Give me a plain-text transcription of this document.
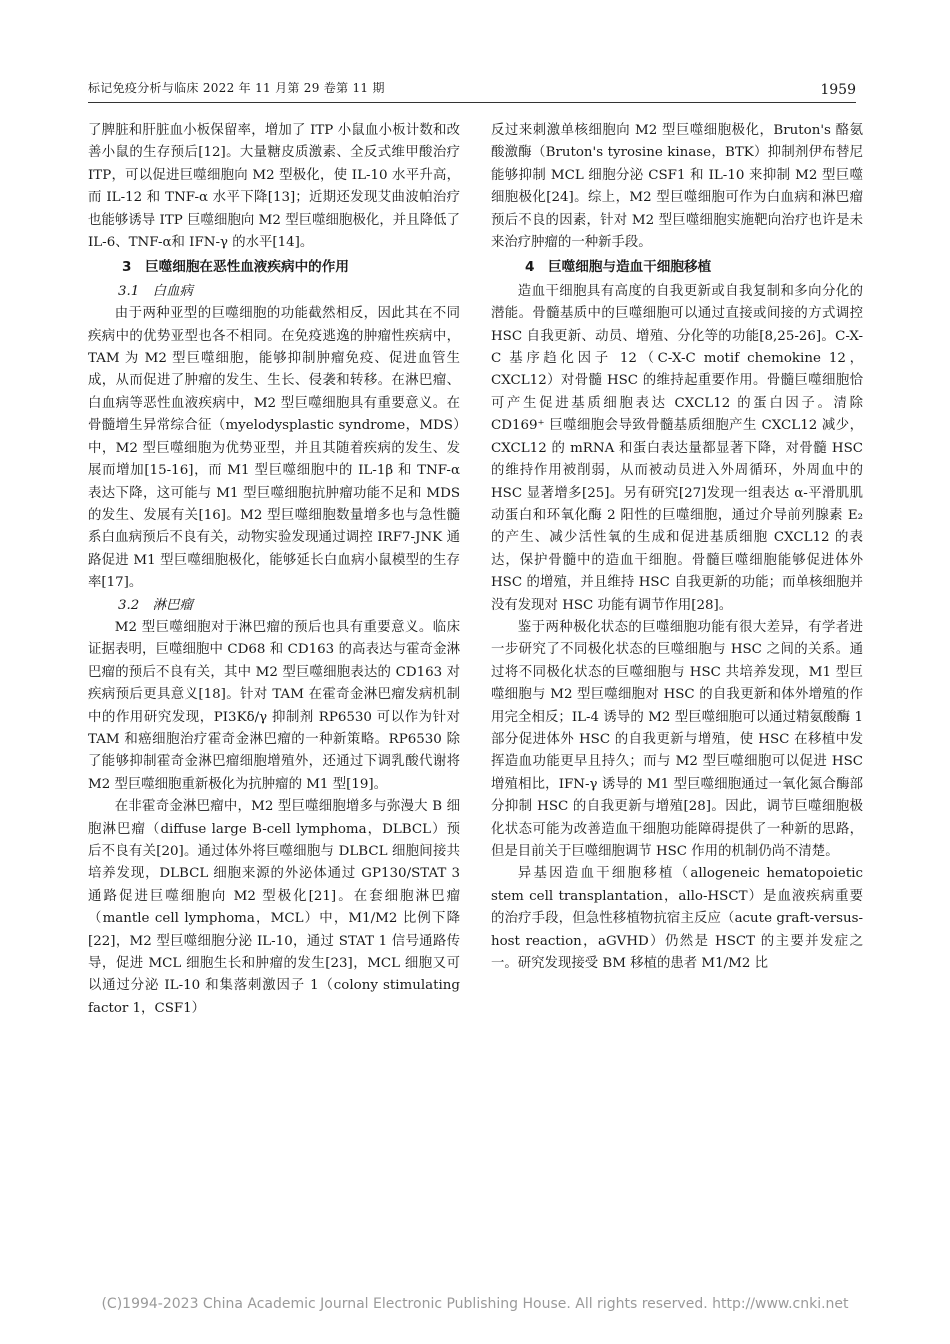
标记免疫分析与临床 2022 年 11 月第 29 卷第 11 期	1959

了脾脏和肝脏血小板保留率，增加了 ITP 小鼠血小板计数和改善小鼠的生存预后[12]。大量糖皮质激素、全反式维甲酸治疗 ITP，可以促进巨噬细胞向 M2 型极化，使 IL-10 水平升高，而 IL-12 和 TNF-α 水平下降[13]；近期还发现艾曲波帕治疗也能够诱导 ITP 巨噬细胞向 M2 型巨噬细胞极化，并且降低了 IL-6、TNF-α和 IFN-γ 的水平[14]。

3　巨噬细胞在恶性血液疾病中的作用
3.1　白血病

由于两种亚型的巨噬细胞的功能截然相反，因此其在不同疾病中的优势亚型也各不相同。在免疫逃逸的肿瘤性疾病中，TAM 为 M2 型巨噬细胞，能够抑制肿瘤免疫、促进血管生成，从而促进了肿瘤的发生、生长、侵袭和转移。在淋巴瘤、白血病等恶性血液疾病中，M2 型巨噬细胞具有重要意义。在骨髓增生异常综合征（myelodysplastic syndrome，MDS）中，M2 型巨噬细胞为优势亚型，并且其随着疾病的发生、发展而增加[15-16]，而 M1 型巨噬细胞中的 IL-1β 和 TNF-α 表达下降，这可能与 M1 型巨噬细胞抗肿瘤功能不足和 MDS 的发生、发展有关[16]。M2 型巨噬细胞数量增多也与急性髓系白血病预后不良有关，动物实验发现通过调控 IRF7-JNK 通路促进 M1 型巨噬细胞极化，能够延长白血病小鼠模型的生存率[17]。

3.2　淋巴瘤

M2 型巨噬细胞对于淋巴瘤的预后也具有重要意义。临床证据表明，巨噬细胞中 CD68 和 CD163 的高表达与霍奇金淋巴瘤的预后不良有关，其中 M2 型巨噬细胞表达的 CD163 对疾病预后更具意义[18]。针对 TAM 在霍奇金淋巴瘤发病机制中的作用研究发现，PI3Kδ/γ 抑制剂 RP6530 可以作为针对 TAM 和癌细胞治疗霍奇金淋巴瘤的一种新策略。RP6530 除了能够抑制霍奇金淋巴瘤细胞增殖外，还通过下调乳酸代谢将 M2 型巨噬细胞重新极化为抗肿瘤的 M1 型[19]。

在非霍奇金淋巴瘤中，M2 型巨噬细胞增多与弥漫大 B 细胞淋巴瘤（diffuse large B-cell lymphoma，DLBCL）预后不良有关[20]。通过体外将巨噬细胞与 DLBCL 细胞间接共培养发现，DLBCL 细胞来源的外泌体通过 GP130/STAT 3 通路促进巨噬细胞向 M2 型极化[21]。在套细胞淋巴瘤（mantle cell lymphoma，MCL）中，M1/M2 比例下降[22]，M2 型巨噬细胞分泌 IL-10，通过 STAT 1 信号通路传导，促进 MCL 细胞生长和肿瘤的发生[23]，MCL 细胞又可以通过分泌 IL-10 和集落刺激因子 1（colony stimulating factor 1，CSF1）

反过来刺激单核细胞向 M2 型巨噬细胞极化，Bruton's 酪氨酸激酶（Bruton's tyrosine kinase，BTK）抑制剂伊布替尼能够抑制 MCL 细胞分泌 CSF1 和 IL-10 来抑制 M2 型巨噬细胞极化[24]。综上，M2 型巨噬细胞可作为白血病和淋巴瘤预后不良的因素，针对 M2 型巨噬细胞实施靶向治疗也许是未来治疗肿瘤的一种新手段。

4　巨噬细胞与造血干细胞移植

造血干细胞具有高度的自我更新或自我复制和多向分化的潜能。骨髓基质中的巨噬细胞可以通过直接或间接的方式调控 HSC 自我更新、动员、增殖、分化等的功能[8,25-26]。C-X-C 基序趋化因子 12（C-X-C motif chemokine 12，CXCL12）对骨髓 HSC 的维持起重要作用。骨髓巨噬细胞恰可产生促进基质细胞表达 CXCL12 的蛋白因子。清除 CD169⁺ 巨噬细胞会导致骨髓基质细胞产生 CXCL12 减少，CXCL12 的 mRNA 和蛋白表达量都显著下降，对骨髓 HSC 的维持作用被削弱，从而被动员进入外周循环，外周血中的 HSC 显著增多[25]。另有研究[27]发现一组表达 α-平滑肌肌动蛋白和环氧化酶 2 阳性的巨噬细胞，通过介导前列腺素 E₂ 的产生、减少活性氧的生成和促进基质细胞 CXCL12 的表达，保护骨髓中的造血干细胞。骨髓巨噬细胞能够促进体外 HSC 的增殖，并且维持 HSC 自我更新的功能；而单核细胞并没有发现对 HSC 功能有调节作用[28]。

鉴于两种极化状态的巨噬细胞功能有很大差异，有学者进一步研究了不同极化状态的巨噬细胞与 HSC 之间的关系。通过将不同极化状态的巨噬细胞与 HSC 共培养发现，M1 型巨噬细胞与 M2 型巨噬细胞对 HSC 的自我更新和体外增殖的作用完全相反；IL-4 诱导的 M2 型巨噬细胞可以通过精氨酸酶 1 部分促进体外 HSC 的自我更新与增殖，使 HSC 在移植中发挥造血功能更早且持久；而与 M2 型巨噬细胞可以促进 HSC 增殖相比，IFN-γ 诱导的 M1 型巨噬细胞通过一氧化氮合酶部分抑制 HSC 的自我更新与增殖[28]。因此，调节巨噬细胞极化状态可能为改善造血干细胞功能障碍提供了一种新的思路，但是目前关于巨噬细胞调节 HSC 作用的机制仍尚不清楚。

异基因造血干细胞移植（allogeneic hematopoietic stem cell transplantation，allo-HSCT）是血液疾病重要的治疗手段，但急性移植物抗宿主反应（acute graft-versus-host reaction，aGVHD）仍然是 HSCT 的主要并发症之一。研究发现接受 BM 移植的患者 M1/M2 比

(C)1994-2023 China Academic Journal Electronic Publishing House. All rights reserved. http://www.cnki.net
